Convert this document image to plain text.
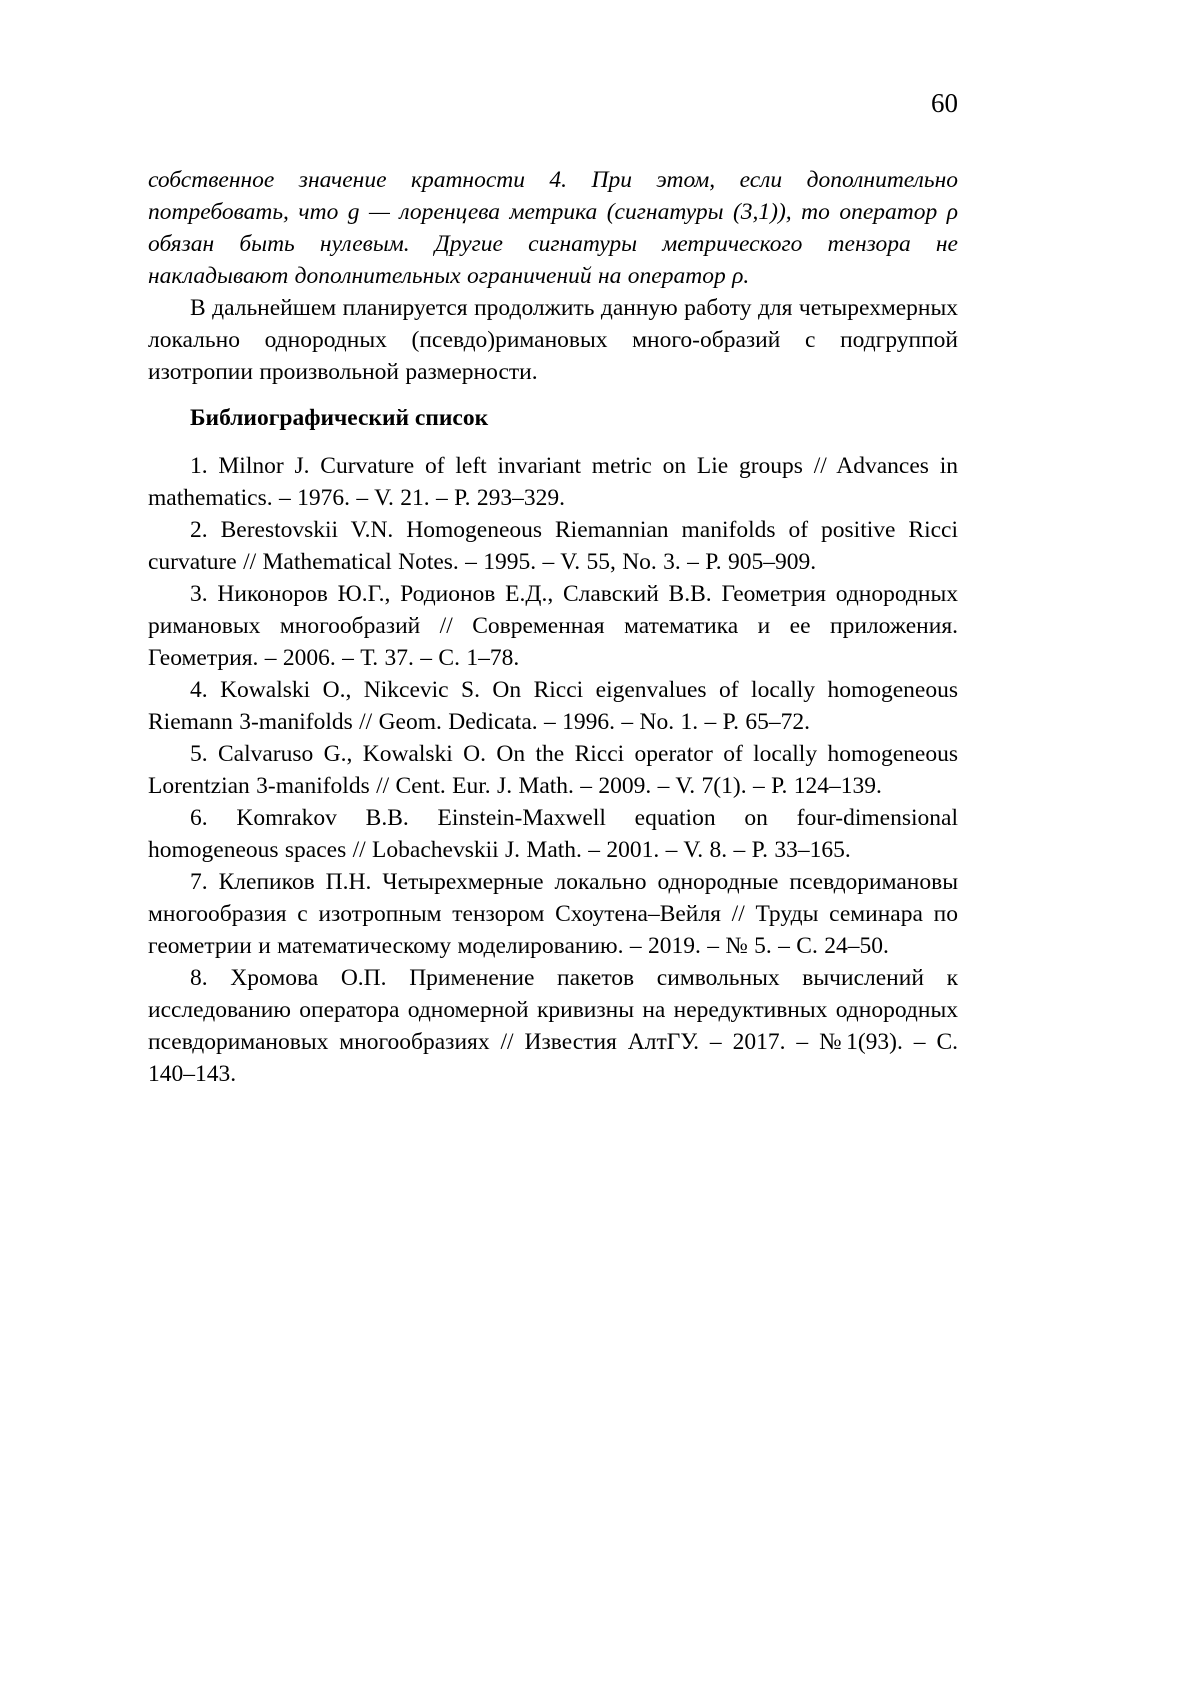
60

собственное значение кратности 4. При этом, если дополнительно потребовать, что g — лоренцева метрика (сигнатуры (3,1)), то оператор ρ обязан быть нулевым. Другие сигнатуры метрического тензора не накладывают дополнительных ограничений на оператор ρ.

В дальнейшем планируется продолжить данную работу для четырехмерных локально однородных (псевдо)римановых много-образий с подгруппой изотропии произвольной размерности.

Библиографический список

1. Milnor J. Curvature of left invariant metric on Lie groups // Advances in mathematics. – 1976. – V. 21. – P. 293–329.

2. Berestovskii V.N. Homogeneous Riemannian manifolds of positive Ricci curvature // Mathematical Notes. – 1995. – V. 55, No. 3. – P. 905–909.

3. Никоноров Ю.Г., Родионов Е.Д., Славский В.В. Геометрия однородных римановых многообразий // Современная математика и ее приложения. Геометрия. – 2006. – Т. 37. – С. 1–78.

4. Kowalski O., Nikcevic S. On Ricci eigenvalues of locally homogeneous Riemann 3-manifolds // Geom. Dedicata. – 1996. – No. 1. – P. 65–72.

5. Calvaruso G., Kowalski O. On the Ricci operator of locally homogeneous Lorentzian 3-manifolds // Cent. Eur. J. Math. – 2009. – V. 7(1). – P. 124–139.

6. Komrakov B.B. Einstein-Maxwell equation on four-dimensional homogeneous spaces // Lobachevskii J. Math. – 2001. – V. 8. – P. 33–165.

7. Клепиков П.Н. Четырехмерные локально однородные псевдоримановы многообразия с изотропным тензором Схоутена–Вейля // Труды семинара по геометрии и математическому моделированию. – 2019. – № 5. – С. 24–50.

8. Хромова О.П. Применение пакетов символьных вычислений к исследованию оператора одномерной кривизны на нередуктивных однородных псевдоримановых многообразиях // Известия АлтГУ. – 2017. – №1(93). – С. 140–143.
